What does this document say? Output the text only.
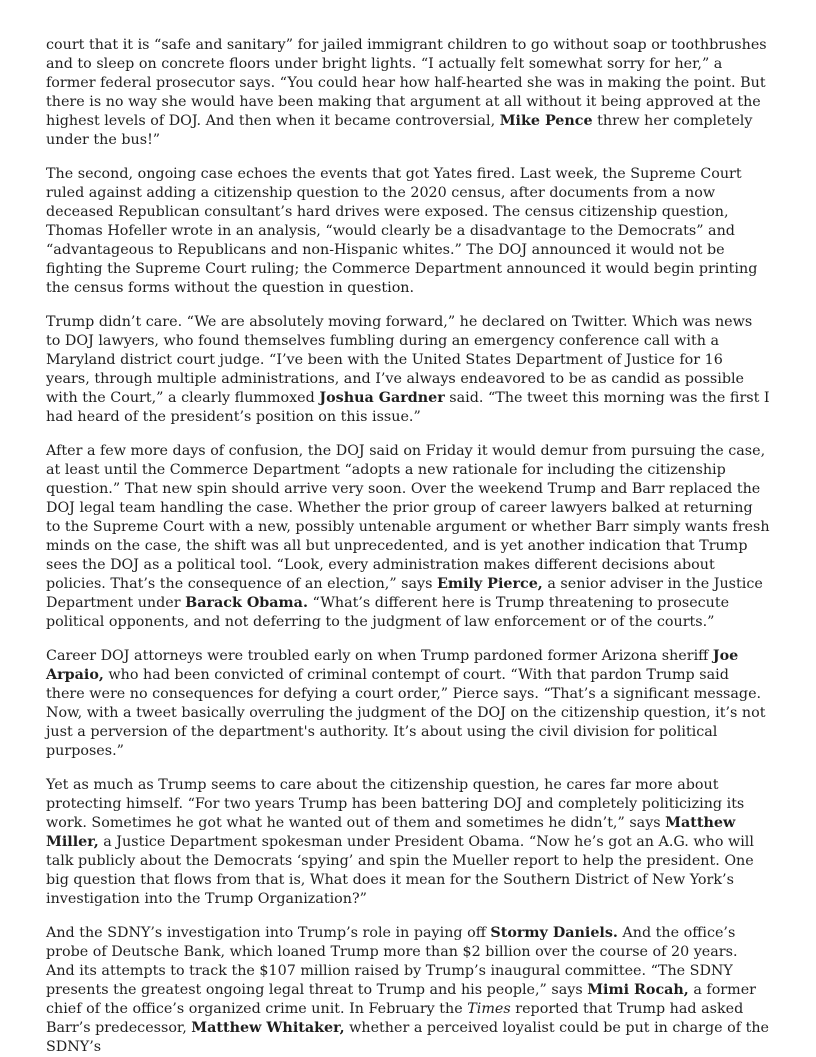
court that it is “safe and sanitary” for jailed immigrant children to go without soap or toothbrushes and to sleep on concrete floors under bright lights. “I actually felt somewhat sorry for her,” a former federal prosecutor says. “You could hear how half-hearted she was in making the point. But there is no way she would have been making that argument at all without it being approved at the highest levels of DOJ. And then when it became controversial, Mike Pence threw her completely under the bus!”

The second, ongoing case echoes the events that got Yates fired. Last week, the Supreme Court ruled against adding a citizenship question to the 2020 census, after documents from a now deceased Republican consultant’s hard drives were exposed. The census citizenship question, Thomas Hofeller wrote in an analysis, “would clearly be a disadvantage to the Democrats” and “advantageous to Republicans and non-Hispanic whites.” The DOJ announced it would not be fighting the Supreme Court ruling; the Commerce Department announced it would begin printing the census forms without the question in question.

Trump didn’t care. “We are absolutely moving forward,” he declared on Twitter. Which was news to DOJ lawyers, who found themselves fumbling during an emergency conference call with a Maryland district court judge. “I’ve been with the United States Department of Justice for 16 years, through multiple administrations, and I’ve always endeavored to be as candid as possible with the Court,” a clearly flummoxed Joshua Gardner said. “The tweet this morning was the first I had heard of the president’s position on this issue.”

After a few more days of confusion, the DOJ said on Friday it would demur from pursuing the case, at least until the Commerce Department “adopts a new rationale for including the citizenship question.” That new spin should arrive very soon. Over the weekend Trump and Barr replaced the DOJ legal team handling the case. Whether the prior group of career lawyers balked at returning to the Supreme Court with a new, possibly untenable argument or whether Barr simply wants fresh minds on the case, the shift was all but unprecedented, and is yet another indication that Trump sees the DOJ as a political tool. “Look, every administration makes different decisions about policies. That’s the consequence of an election,” says Emily Pierce, a senior adviser in the Justice Department under Barack Obama. “What’s different here is Trump threatening to prosecute political opponents, and not deferring to the judgment of law enforcement or of the courts.”

Career DOJ attorneys were troubled early on when Trump pardoned former Arizona sheriff Joe Arpaio, who had been convicted of criminal contempt of court. “With that pardon Trump said there were no consequences for defying a court order,” Pierce says. “That’s a significant message. Now, with a tweet basically overruling the judgment of the DOJ on the citizenship question, it’s not just a perversion of the department's authority. It’s about using the civil division for political purposes.”

Yet as much as Trump seems to care about the citizenship question, he cares far more about protecting himself. “For two years Trump has been battering DOJ and completely politicizing its work. Sometimes he got what he wanted out of them and sometimes he didn’t,” says Matthew Miller, a Justice Department spokesman under President Obama. “Now he’s got an A.G. who will talk publicly about the Democrats ‘spying’ and spin the Mueller report to help the president. One big question that flows from that is, What does it mean for the Southern District of New York’s investigation into the Trump Organization?”

And the SDNY’s investigation into Trump’s role in paying off Stormy Daniels. And the office’s probe of Deutsche Bank, which loaned Trump more than $2 billion over the course of 20 years. And its attempts to track the $107 million raised by Trump’s inaugural committee. “The SDNY presents the greatest ongoing legal threat to Trump and his people,” says Mimi Rocah, a former chief of the office’s organized crime unit. In February the Times reported that Trump had asked Barr’s predecessor, Matthew Whitaker, whether a perceived loyalist could be put in charge of the SDNY’s
